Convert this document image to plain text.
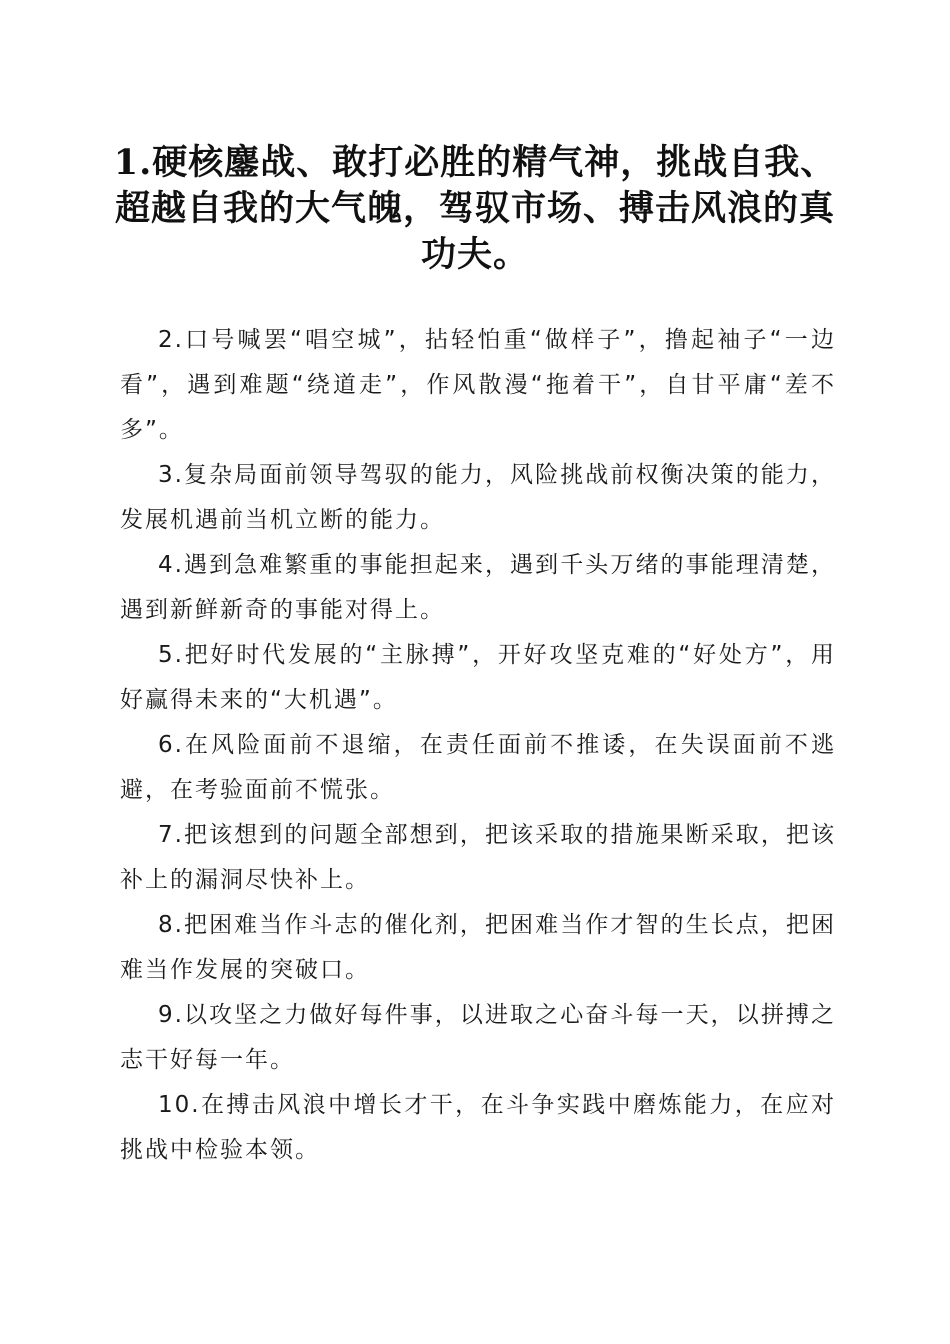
1.硬核鏖战、敢打必胜的精气神，挑战自我、超越自我的大气魄，驾驭市场、搏击风浪的真功夫。

2.口号喊罢“唱空城”，拈轻怕重“做样子”，撸起袖子“一边看”，遇到难题“绕道走”，作风散漫“拖着干”，自甘平庸“差不多”。

3.复杂局面前领导驾驭的能力，风险挑战前权衡决策的能力，发展机遇前当机立断的能力。

4.遇到急难繁重的事能担起来，遇到千头万绪的事能理清楚，遇到新鲜新奇的事能对得上。

5.把好时代发展的“主脉搏”，开好攻坚克难的“好处方”，用好赢得未来的“大机遇”。

6.在风险面前不退缩，在责任面前不推诿，在失误面前不逃避，在考验面前不慌张。

7.把该想到的问题全部想到，把该采取的措施果断采取，把该补上的漏洞尽快补上。

8.把困难当作斗志的催化剂，把困难当作才智的生长点，把困难当作发展的突破口。

9.以攻坚之力做好每件事，以进取之心奋斗每一天，以拼搏之志干好每一年。

10.在搏击风浪中增长才干，在斗争实践中磨炼能力，在应对挑战中检验本领。
